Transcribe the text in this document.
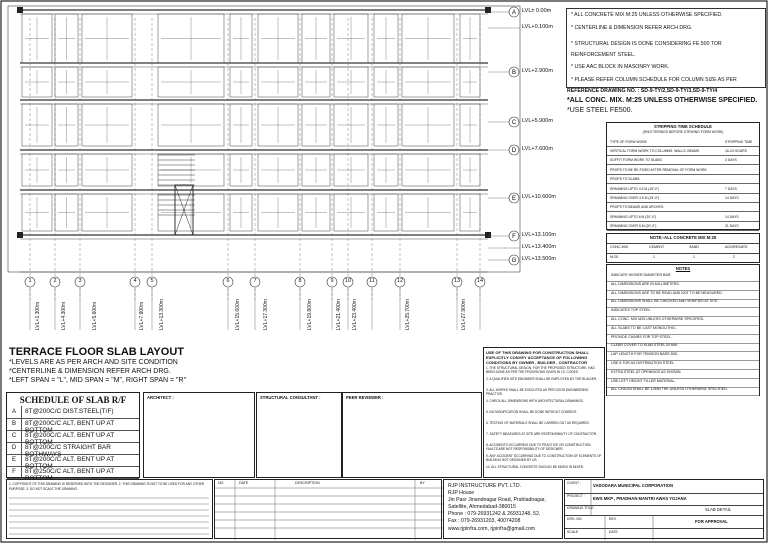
A
B
C
D
E
F
G
* ALL CONCRETE MIX M:25 UNLESS OTHERWISE SPECIFIED.
* CENTERLINE & DIMENSION REFER ARCH DRG.
* STRUCTURAL DESIGN IS DONE CONSIDERING FE.500 TOR REINFORCEMENT STEEL.
* USE AAC BLOCK IN MASONRY WORK.
* PLEASE REFER COLUMN SCHEDULE FOR COLUMN SIZE AS PER
REFERENCE DRAWING NO. : SD-9-TY/2,SD-9-TY/3,SD-9-TY/4
*ALL CONC. MIX. M:25 UNLESS OTHERWISE SPECIFIED.
*USE STEEL FE500.
STRIPPING TIME SCHEDULE
(SHUTTERINGS BEFORE STRIKING FORM WORK)
TYPE OF FORM WORK	STRIPPING TIME
VERTICAL FORM WORK TO COLUMNS, WALLS, BEAMS	16-24 HOURS
SOFFIT FORM WORK TO SLABS	3 DAYS
PROPS TO BE RE-FIXED AFTER REMOVAL OF FORM WORK
PROPS TO SLABS:
SPANNING UPTO 4.5 M (15'-0")	7 DAYS
SPANNING OVER 4.5 M (15'-0")	14 DAYS
PROPS TO BEAMS AND ARCHES:
SPANNING UPTO 6 M (20'-0")	14 DAYS
SPANNING OVER 6 M (20'-0")	21 DAYS
NOTE:-ALL CONCRETE MIX M:25
CONC.MIX	CEMENT	SAND	AGGREGATE
M:25	1	1	2
NOTES
INDICATE HIGHER DIAMETER BAR
ALL DIMENSIONS ARE IN MILLIMETERS.
ALL DIMENSIONS ARE TO BE READ AND NOT TO BE MEASURED.
ALL DIMENSIONS SHALL BE CHECKED AND VERIFIED AT SITE.
INDICATES TOP STEEL
ALL CONC. MIX M25 UNLESS OTHERWISE SPECIFIED.
ALL SLABS TO BE CAST MONOLITHIC.
PROVIDE CHAIRS FOR TOP STEEL.
CLEAR COVER TO SLAB STEEL 20 MM.
LAP LENGTH FOR TENSION BARS 50D.
USE 8 TOR AS DISTRIBUTION STEEL.
EXTRA STEEL AT OPENINGS AS SHOWN.
USE LEFT HEIGHT FILLER MATERIAL.
ALL CHAJJA SHALL BE 12MM THK UNLESS OTHERWISE SPECIFIED.
TERRACE FLOOR SLAB LAYOUT
*LEVELS ARE AS PER ARCH AND SITE CONDITION
*CENTERLINE & DIMENSION REFER ARCH DRG.
*LEFT SPAN = "L", MID SPAN = "M", RIGHT SPAN = "R"
SCHEDULE OF SLAB R/F
A	8T@200C/C DIST.STEEL(T/F)
B	8T@200C/C ALT. BENT UP AT BOTTOM
C	8T@200C/C ALT. BENT UP AT BOTTOM
D	8T@200C/C STRAIGHT BAR BOTHWAYS
E	8T@200C/C ALT. BENT UP AT BOTTOM
F	8T@250C/C ALT. BENT UP AT BOTTOM
ARCHITECT :	STRUCTURAL CONSULTANT :	PEER REVIEWER :
USE OF THIS DRAWING FOR CONSTRUCTION SHALL EXPLICITLY CONVEY ACCEPTANCE OF FOLLOWING CONDITIONS BY OWNER , BUILDER , CONTRACTOR
1. THE STRUCTURAL DESIGN, FOR THE PROPOSED STRUCTURE, HAS BEEN DONE AS PER THE PROVISIONS GIVEN IN I.S. CODES.
2. A QUALIFIED SITE ENGINEER SHALL BE EMPLOYED BY THE BUILDER.
3. ALL WORKS SHALL BE EXECUTED AS PER GOOD ENGINEERING PRACTICE.
4. CHECK ALL DIMENSIONS WITH ARCHITECTURAL DRAWINGS.
5. NO MODIFICATION SHALL BE DONE WITHOUT CONSENT.
6. TESTING OF MATERIALS SHALL BE CARRIED OUT AS REQUIRED.
7. SAFETY MEASURES AT SITE ARE RESPONSIBILITY OF CONTRACTOR.
8. ACCIDENTS OCCURRING DUE TO PRACTICE OR CONSTRUCTION FAULTS ARE NOT RESPONSIBILITY OF DESIGNER.
9. ANY ACCIDENT OCCURRING DUE TO CONSTRUCTION OF ELEMENTS OF BUILDING NOT DESIGNED BY US.
10. ALL STRUCTURAL CONCRETE SHOULD BE MIXED IN MIXER.
1. COPYRIGHT OF THIS DRAWING IS RESERVED WITH THE DESIGNER. 2. THIS DRAWING IS NOT TO BE USED FOR ANY OTHER PURPOSE. 3. DO NOT SCALE THE DRAWING.
NO.	DATE	DESCRIPTION	BY	RJP INSTRUCTURE PVT. LTD.
RJP House
Jin Pasr Jinandnagar Road, Prahladnagar,
Satellite, Ahmedabad-380015
Phone : 079-26931242 & 26931248, 52,
Fax : 079-26931203, 40074208
www.rjpinfra.com, rjpinfra@gmail.com
CLIENT :	VADODARA MUNICIPAL CORPORATION
PROJECT : EWS MKP , PRADHAN MANTRI AWAS YOJANA
DRAWING TITLE :	SLAB DETAIL
DRG. NO.	REV.	FOR APPROVAL
SCALE	DATE
LVL± 0.00m
LVL+0.100m
LVL+2.900m
LVL+5.900m
LVL+7.600m
LVL+10.600m
LVL+13.100m
LVL+13.400m
LVL+13.500m
LVL+1.300m	LVL+4.300m	LVL+5.600m	LVL+7.900m	LVL+13.300m	LVL+15.600m	LVL+17.300m	LVL+19.800m	LVL+21.400m LVL+23.400m	LVL+25.700m	LVL+27.900m
1	2	3	4	5	6	7	8	9	10	11	12	13	14
